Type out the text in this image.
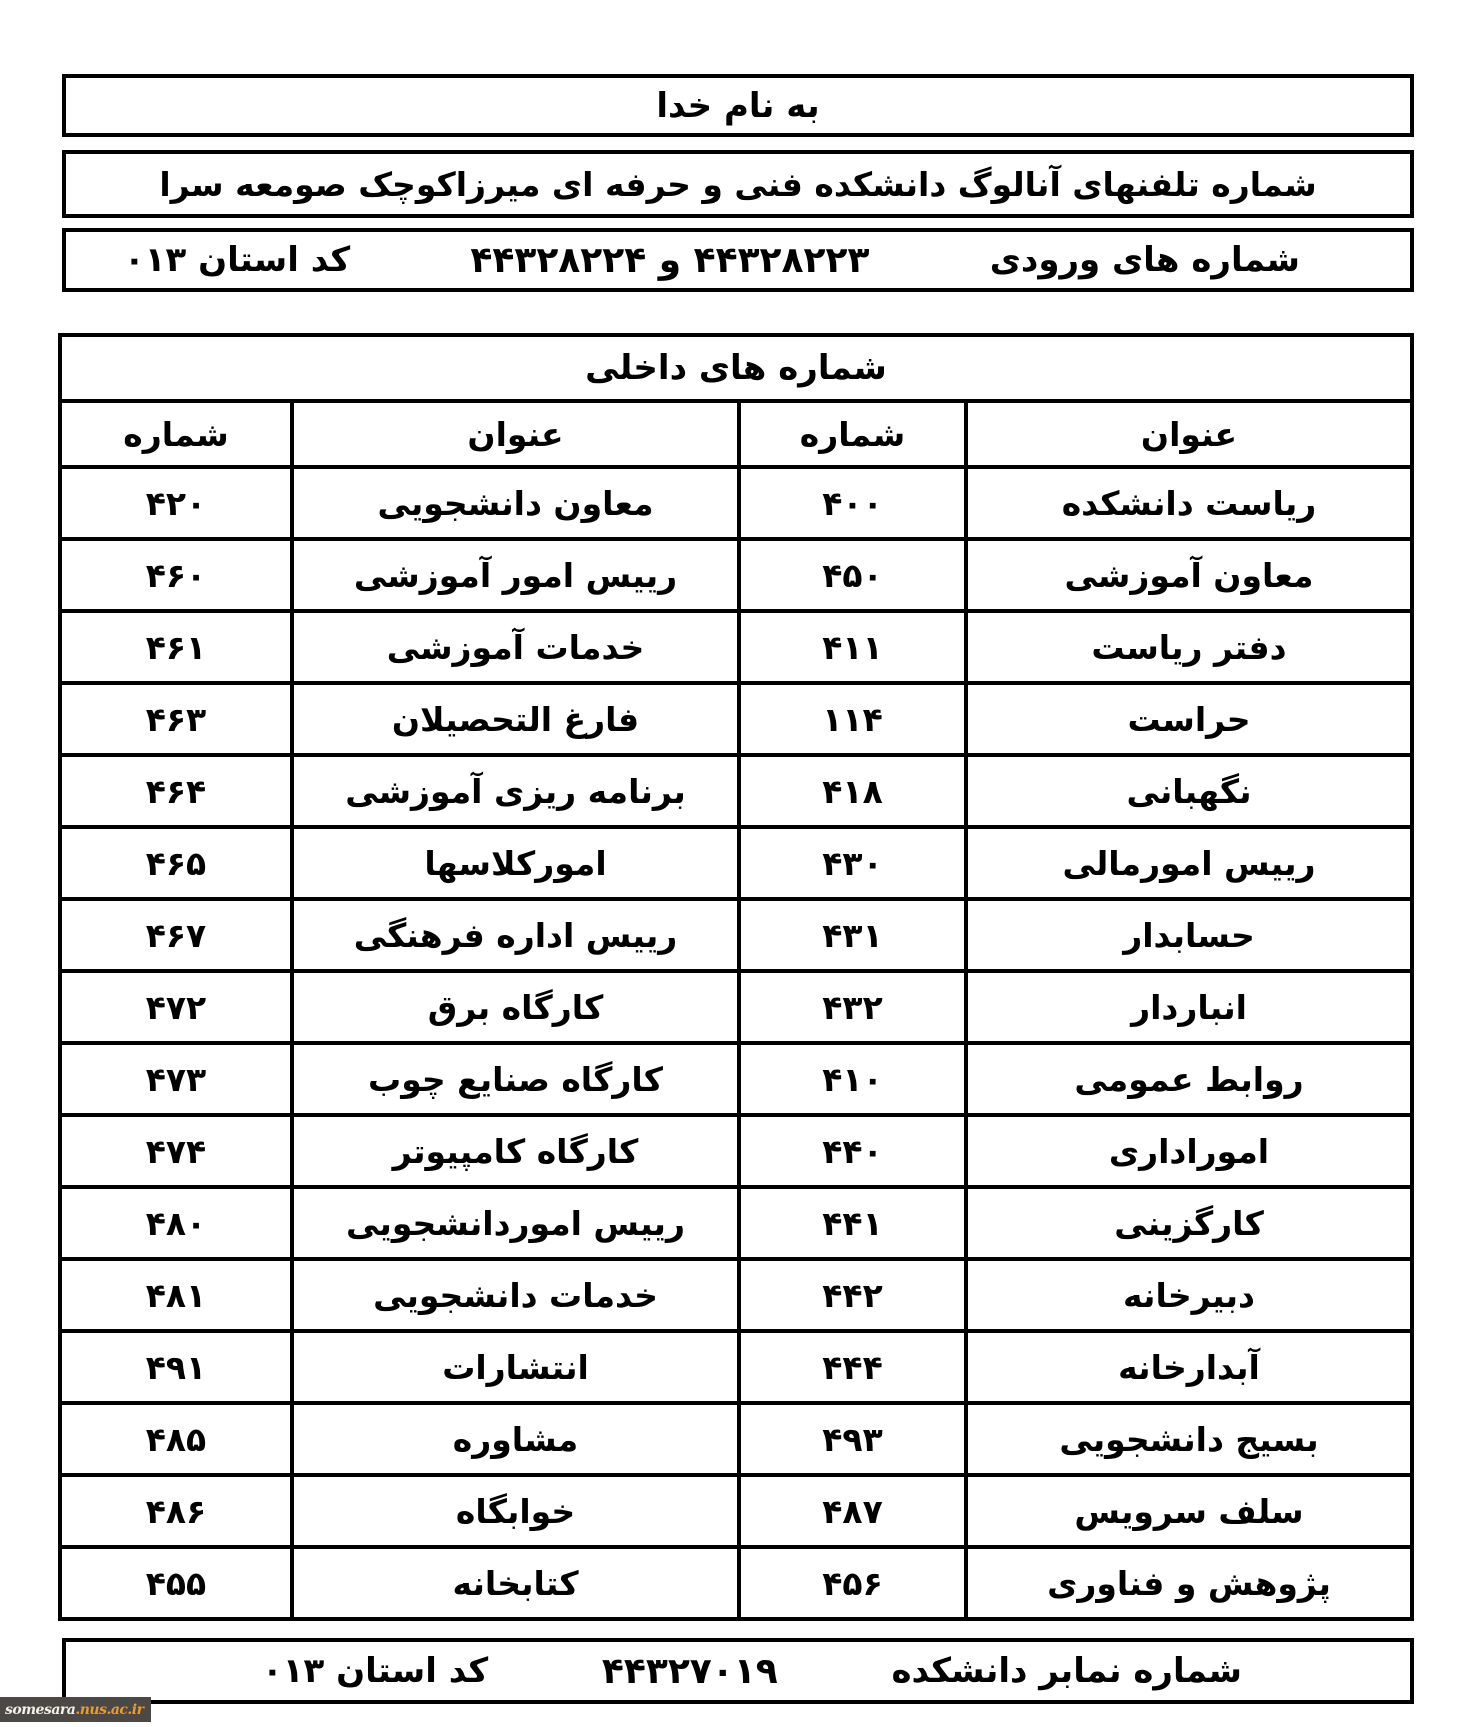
به نام خدا
شماره تلفنهای آنالوگ دانشکده فنی و حرفه ای میرزاکوچک صومعه سرا
شماره های ورودی
۴۴۳۲۸۲۲۳ و ۴۴۳۲۸۲۲۴
کد استان ۰۱۳
شماره های داخلی			
عنوان	شماره	عنوان	شماره
ریاست دانشکده	۴۰۰	معاون دانشجویی	۴۲۰
معاون آموزشی	۴۵۰	رییس امور آموزشی	۴۶۰
دفتر ریاست	۴۱۱	خدمات آموزشی	۴۶۱
حراست	۱۱۴	فارغ التحصیلان	۴۶۳
نگهبانی	۴۱۸	برنامه ریزی آموزشی	۴۶۴
رییس امورمالی	۴۳۰	امورکلاسها	۴۶۵
حسابدار	۴۳۱	رییس اداره فرهنگی	۴۶۷
انباردار	۴۳۲	کارگاه برق	۴۷۲
روابط عمومی	۴۱۰	کارگاه صنایع چوب	۴۷۳
اموراداری	۴۴۰	کارگاه کامپیوتر	۴۷۴
کارگزینی	۴۴۱	رییس اموردانشجویی	۴۸۰
دبیرخانه	۴۴۲	خدمات دانشجویی	۴۸۱
آبدارخانه	۴۴۴	انتشارات	۴۹۱
بسیج دانشجویی	۴۹۳	مشاوره	۴۸۵
سلف سرویس	۴۸۷	خوابگاه	۴۸۶
پژوهش و فناوری	۴۵۶	کتابخانه	۴۵۵
شماره نمابر دانشکده
۴۴۳۲۷۰۱۹
کد استان ۰۱۳
somesara .nus.ac.ir
